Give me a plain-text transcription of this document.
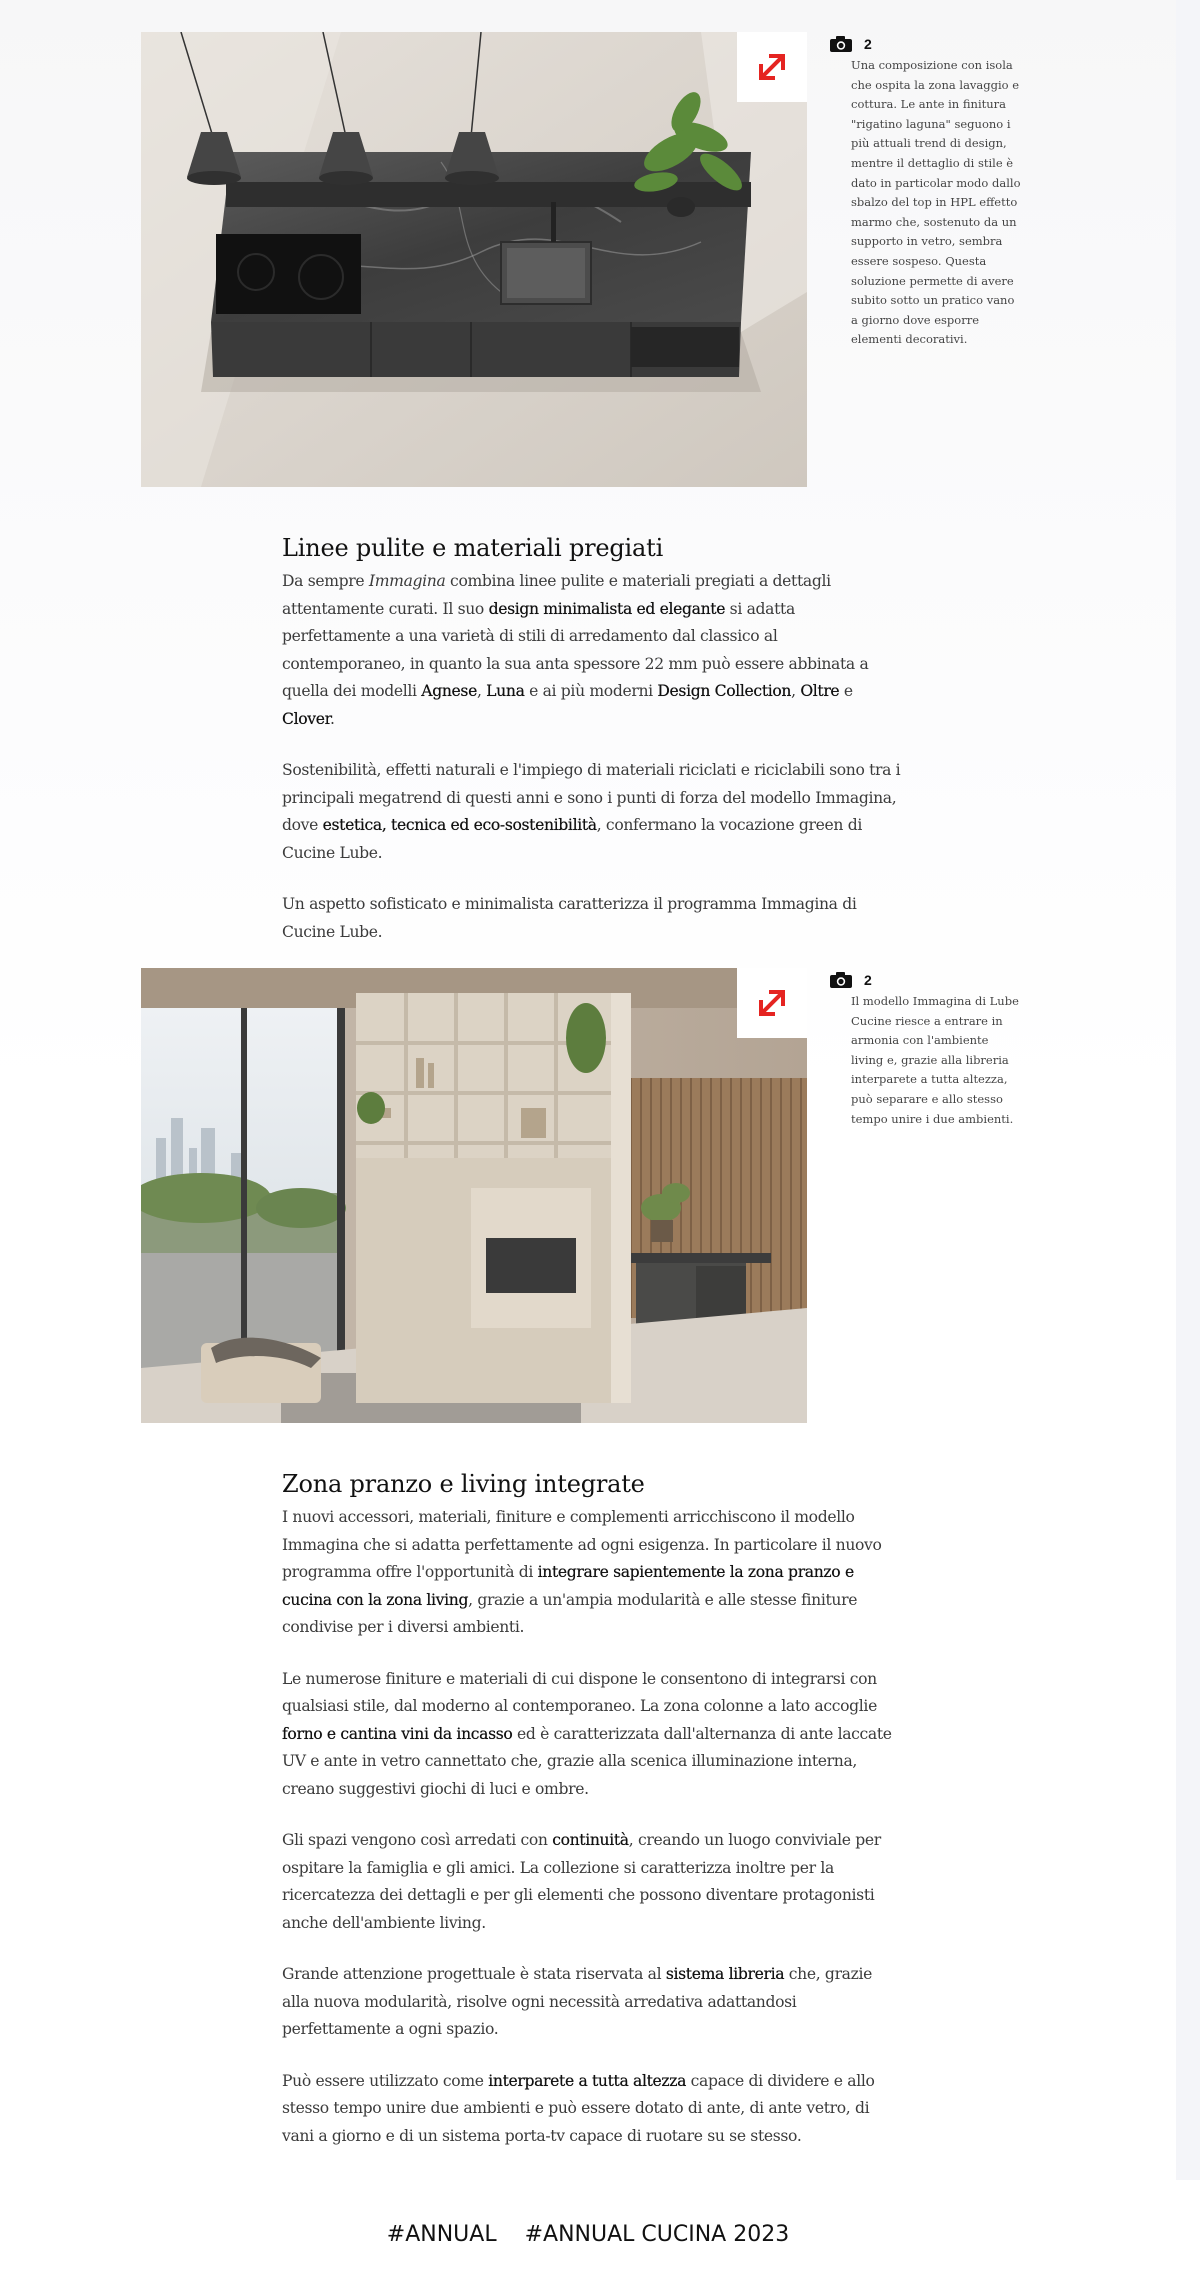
2
Una composizione con isola che ospita la zona lavaggio e cottura. Le ante in finitura "rigatino laguna" seguono i più attuali trend di design, mentre il dettaglio di stile è dato in particolar modo dallo sbalzo del top in HPL effetto marmo che, sostenuto da un supporto in vetro, sembra essere sospeso. Questa soluzione permette di avere subito sotto un pratico vano a giorno dove esporre elementi decorativi.
Linee pulite e materiali pregiati

Da sempre Immagina combina linee pulite e materiali pregiati a dettagli attentamente curati. Il suo design minimalista ed elegante si adatta perfettamente a una varietà di stili di arredamento dal classico al contemporaneo, in quanto la sua anta spessore 22 mm può essere abbinata a quella dei modelli Agnese, Luna e ai più moderni Design Collection, Oltre e Clover.

Sostenibilità, effetti naturali e l'impiego di materiali riciclati e riciclabili sono tra i principali megatrend di questi anni e sono i punti di forza del modello Immagina, dove estetica, tecnica ed eco-sostenibilità, confermano la vocazione green di Cucine Lube.

Un aspetto sofisticato e minimalista caratterizza il programma Immagina di Cucine Lube.

2
Il modello Immagina di Lube Cucine riesce a entrare in armonia con l'ambiente living e, grazie alla libreria interparete a tutta altezza, può separare e allo stesso tempo unire i due ambienti.
Zona pranzo e living integrate

I nuovi accessori, materiali, finiture e complementi arricchiscono il modello Immagina che si adatta perfettamente ad ogni esigenza. In particolare il nuovo programma offre l'opportunità di integrare sapientemente la zona pranzo e cucina con la zona living, grazie a un'ampia modularità e alle stesse finiture condivise per i diversi ambienti.

Le numerose finiture e materiali di cui dispone le consentono di integrarsi con qualsiasi stile, dal moderno al contemporaneo. La zona colonne a lato accoglie forno e cantina vini da incasso ed è caratterizzata dall'alternanza di ante laccate UV e ante in vetro cannettato che, grazie alla scenica illuminazione interna, creano suggestivi giochi di luci e ombre.

Gli spazi vengono così arredati con continuità, creando un luogo conviviale per ospitare la famiglia e gli amici. La collezione si caratterizza inoltre per la ricercatezza dei dettagli e per gli elementi che possono diventare protagonisti anche dell'ambiente living.

Grande attenzione progettuale è stata riservata al sistema libreria che, grazie alla nuova modularità, risolve ogni necessità arredativa adattandosi perfettamente a ogni spazio.

Può essere utilizzato come interparete a tutta altezza capace di dividere e allo stesso tempo unire due ambienti e può essere dotato di ante, di ante vetro, di vani a giorno e di un sistema porta-tv capace di ruotare su se stesso.

#ANNUAL #ANNUAL CUCINA 2023
